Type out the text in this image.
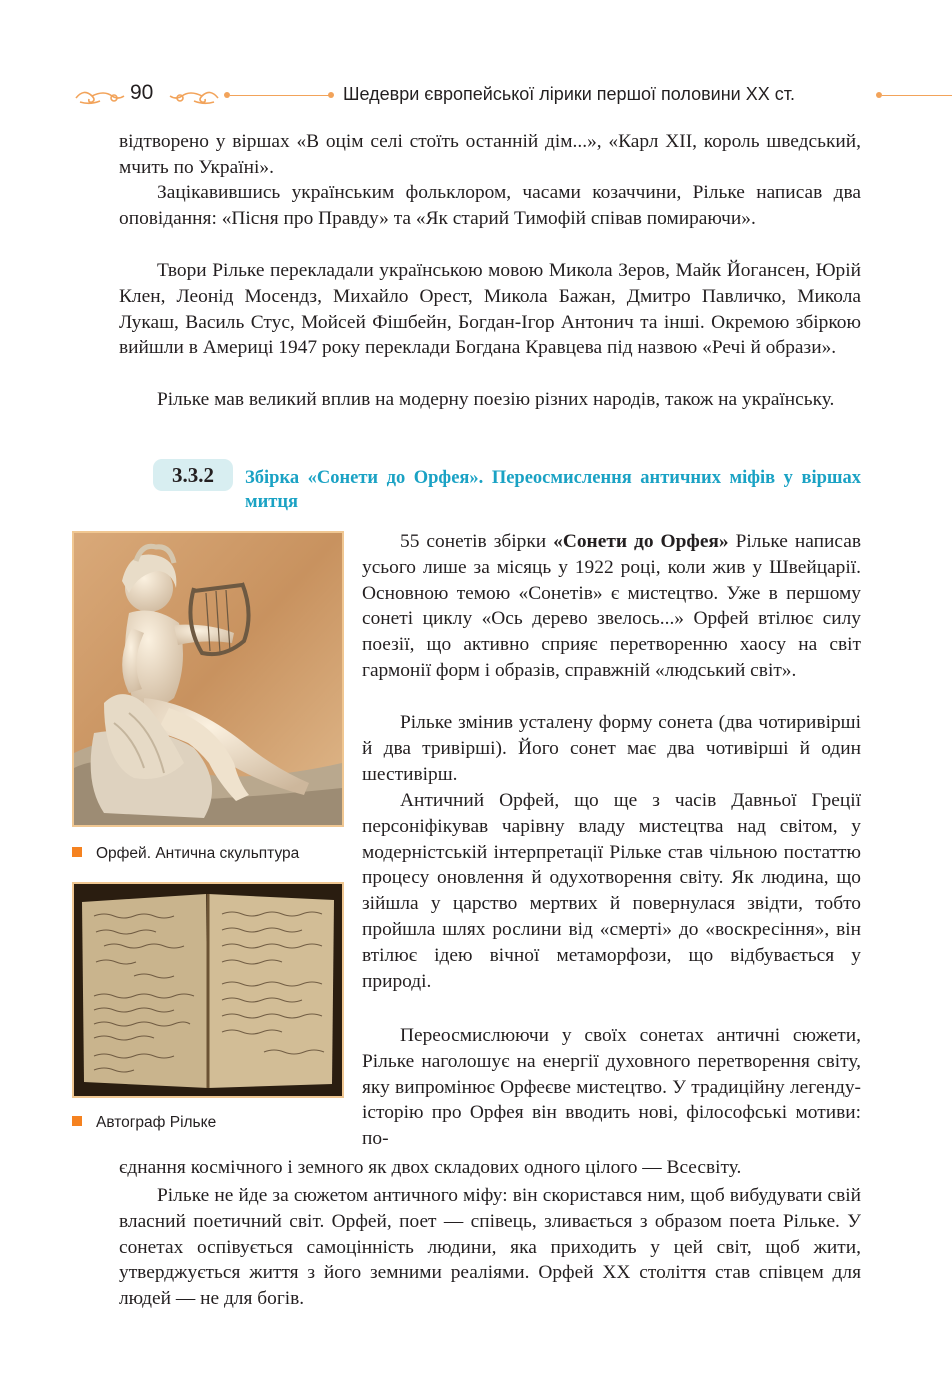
90	Шедеври європейської лірики першої половини XX ст.

відтворено у віршах «В оцім селі стоїть останній дім...», «Карл XII, король шведський, мчить по Україні».

Зацікавившись українським фольклором, часами козаччини, Рільке написав два оповідання: «Пісня про Правду» та «Як старий Тимофій співав помираючи».

Твори Рільке перекладали українською мовою Микола Зеров, Майк Йогансен, Юрій Клен, Леонід Мосендз, Михайло Орест, Микола Бажан, Дмитро Павличко, Микола Лукаш, Василь Стус, Мойсей Фішбейн, Богдан-Ігор Антонич та інші. Окремою збіркою вийшли в Америці 1947 року переклади Богдана Кравцева під назвою «Речі й образи».

Рільке мав великий вплив на модерну поезію різних народів, також на українську.

3.3.2	Збірка «Сонети до Орфея». Переосмислення античних міфів у віршах митця

Орфей. Антична скульптура
Автограф Рільке

55 сонетів збірки «Сонети до Орфея» Рільке написав усього лише за місяць у 1922 році, коли жив у Швейцарії. Основною темою «Сонетів» є мистецтво. Уже в першому сонеті циклу «Ось дерево звелось...» Орфей втілює силу поезії, що активно сприяє перетворенню хаосу на світ гармонії форм і образів, справжній «людський світ».

Рільке змінив усталену форму сонета (два чотиривірші й два тривірші). Його сонет має два чотивірші й один шестивірш.

Античний Орфей, що ще з часів Давньої Греції персоніфікував чарівну владу мистецтва над світом, у модерністській інтерпретації Рільке став чільною постаттю процесу оновлення й одухотворення світу. Як людина, що зійшла у царство мертвих й повернулася звідти, тобто пройшла шлях рослини від «смерті» до «воскресіння», він втілює ідею вічної метаморфози, що відбувається у природі.

Переосмислюючи у своїх сонетах античні сюжети, Рільке наголошує на енергії духовного перетворення світу, яку випромінює Орфеєве мистецтво. У традиційну легенду-історію про Орфея він вводить нові, філософські мотиви: по-

єднання космічного і земного як двох складових одного цілого — Всесвіту.

Рільке не йде за сюжетом античного міфу: він скористався ним, щоб вибудувати свій власний поетичний світ. Орфей, поет — співець, зливається з образом поета Рільке. У сонетах оспівується самоцінність людини, яка приходить у цей світ, щоб жити, утверджується життя з його земними реаліями. Орфей XX століття став співцем для людей — не для богів.
